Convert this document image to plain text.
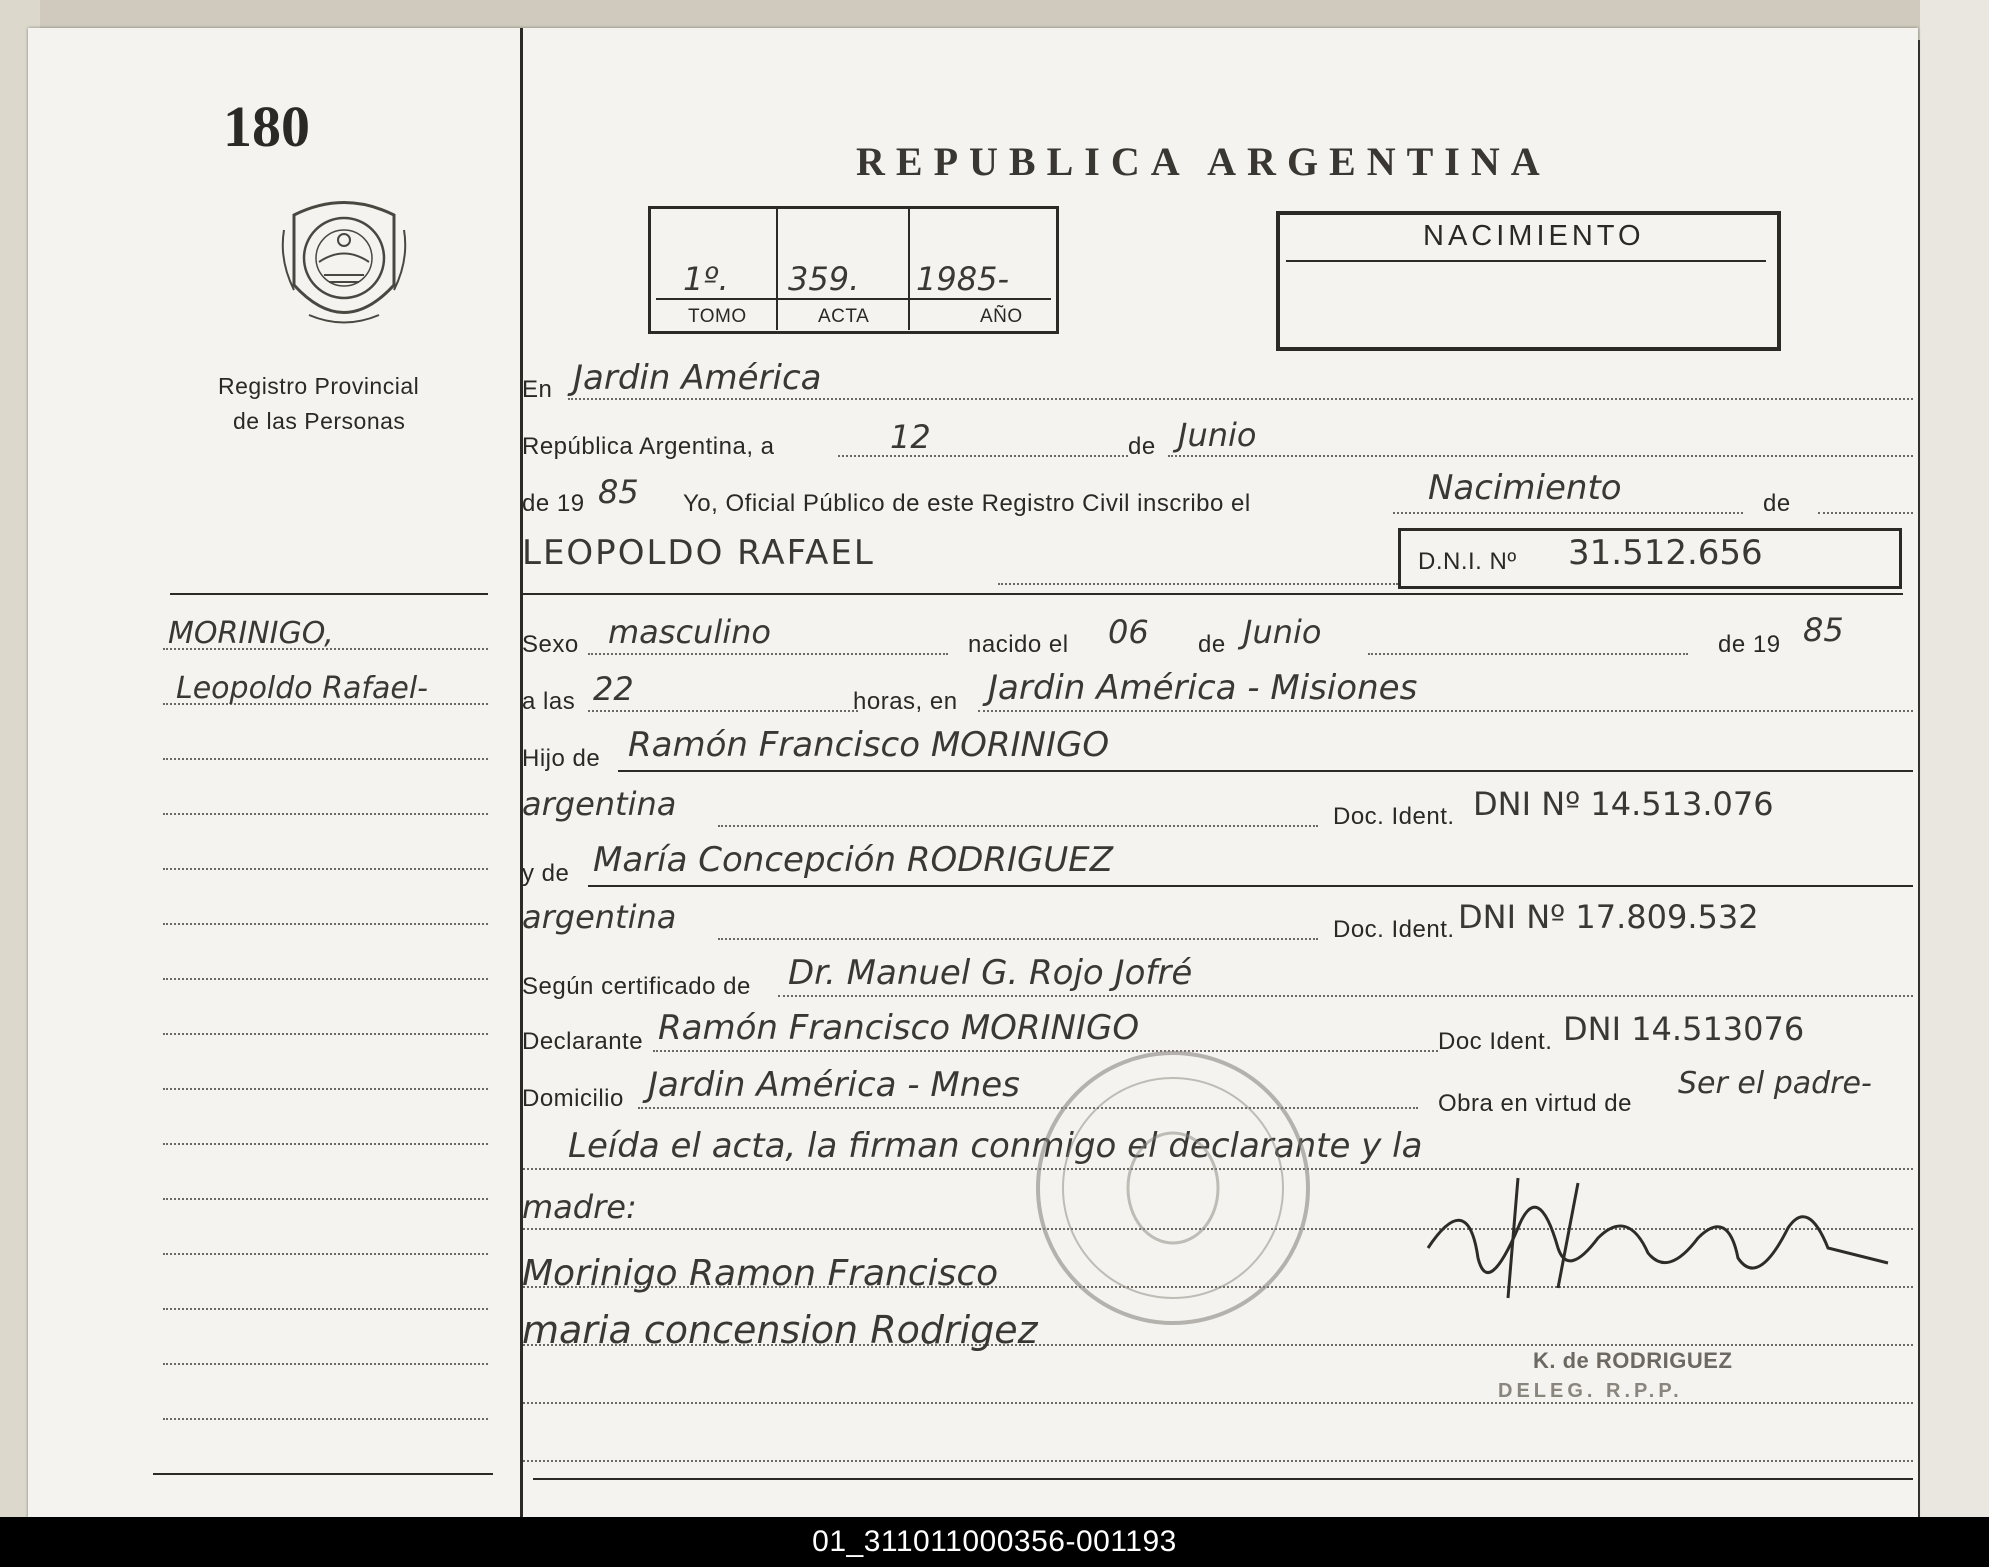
180
Registro Provincial
de las Personas
MORINIGO,
Leopoldo Rafael-
REPUBLICA ARGENTINA
1º. 359. 1985-
TOMO	ACTA	AÑO
NACIMIENTO
En Jardin América
República Argentina, a	12	de Junio
de 19 85 Yo, Oficial Público de este Registro Civil inscribo el	Nacimiento	de
LEOPOLDO RAFAEL	D.N.I. Nº 31.512.656
Sexo masculino	nacido el 06 de Junio	de 19 85
a las 22	horas, en Jardin América - Misiones
Hijo de Ramón Francisco MORINIGO
argentina	Doc. Ident. DNI Nº 14.513.076
y de María Concepción RODRIGUEZ
argentina	Doc. Ident. DNI Nº 17.809.532
Según certificado de Dr. Manuel G. Rojo Jofré
Declarante Ramón Francisco MORINIGO	Doc Ident. DNI 14.513076
Domicilio Jardin América - Mnes	Obra en virtud de
Ser el padre-
Leída el acta, la firman conmigo el declarante y la
madre:
Morinigo Ramon Francisco
maria concension Rodrigez
K. de RODRIGUEZ
DELEG. R.P.P.
01_311011000356-001193
